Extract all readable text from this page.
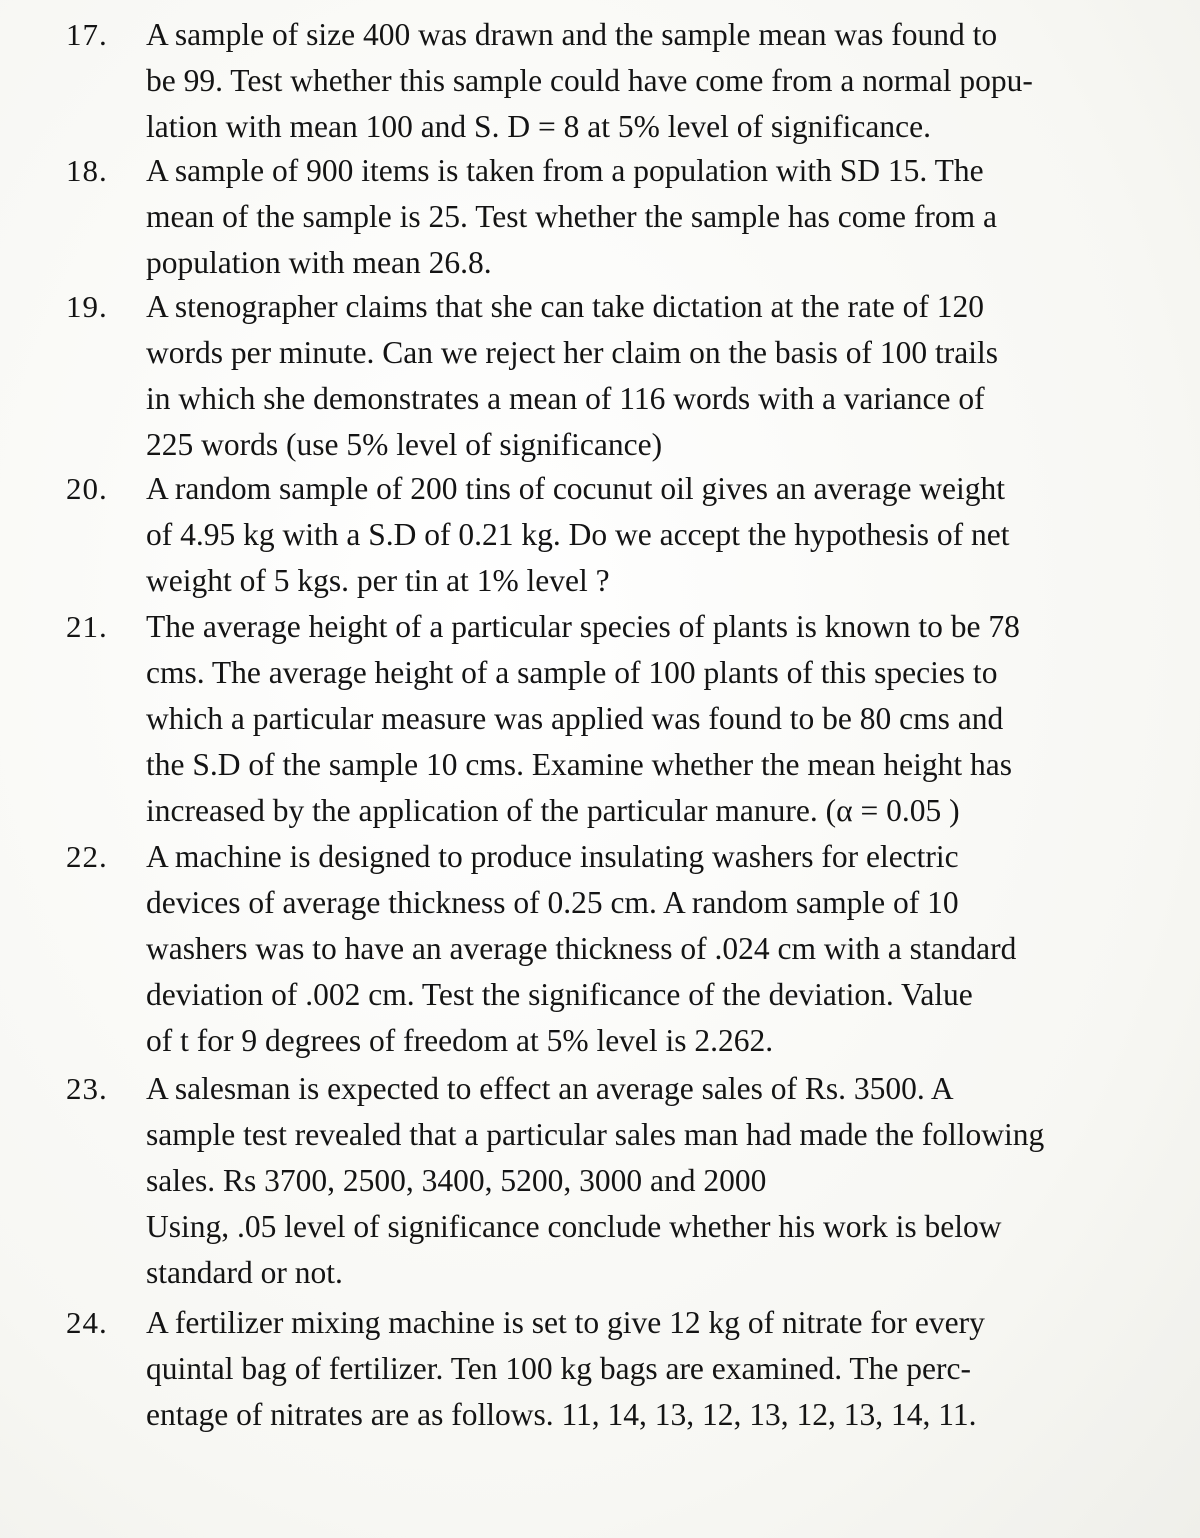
17. A sample of size 400 was drawn and the sample mean was found to
be 99. Test whether this sample could have come from a normal popu-
lation with mean 100 and S. D = 8 at 5% level of significance.
18. A sample of 900 items is taken from a population with SD 15. The
mean of the sample is 25. Test whether the sample has come from a
population with mean 26.8.
19. A stenographer claims that she can take dictation at the rate of 120
words per minute. Can we reject her claim on the basis of 100 trails
in which she demonstrates a mean of 116 words with a variance of
225 words (use 5% level of significance)
20. A random sample of 200 tins of cocunut oil gives an average weight
of 4.95 kg with a S.D of 0.21 kg. Do we accept the hypothesis of net
weight of 5 kgs. per tin at 1% level ?
21. The average height of a particular species of plants is known to be 78
cms. The average height of a sample of 100 plants of this species to
which a particular measure was applied was found to be 80 cms and
the S.D of the sample 10 cms. Examine whether the mean height has
increased by the application of the particular manure. (α = 0.05 )
22. A machine is designed to produce insulating washers for electric
devices of average thickness of 0.25 cm. A random sample of 10
washers was to have an average thickness of .024 cm with a standard
deviation of .002 cm. Test the significance of the deviation. Value
of t for 9 degrees of freedom at 5% level is 2.262.
23. A salesman is expected to effect an average sales of Rs. 3500. A
sample test revealed that a particular sales man had made the following
sales. Rs 3700, 2500, 3400, 5200, 3000 and 2000
Using, .05 level of significance conclude whether his work is below
standard or not.
24. A fertilizer mixing machine is set to give 12 kg of nitrate for every
quintal bag of fertilizer. Ten 100 kg bags are examined. The perc-
entage of nitrates are as follows. 11, 14, 13, 12, 13, 12, 13, 14, 11.
